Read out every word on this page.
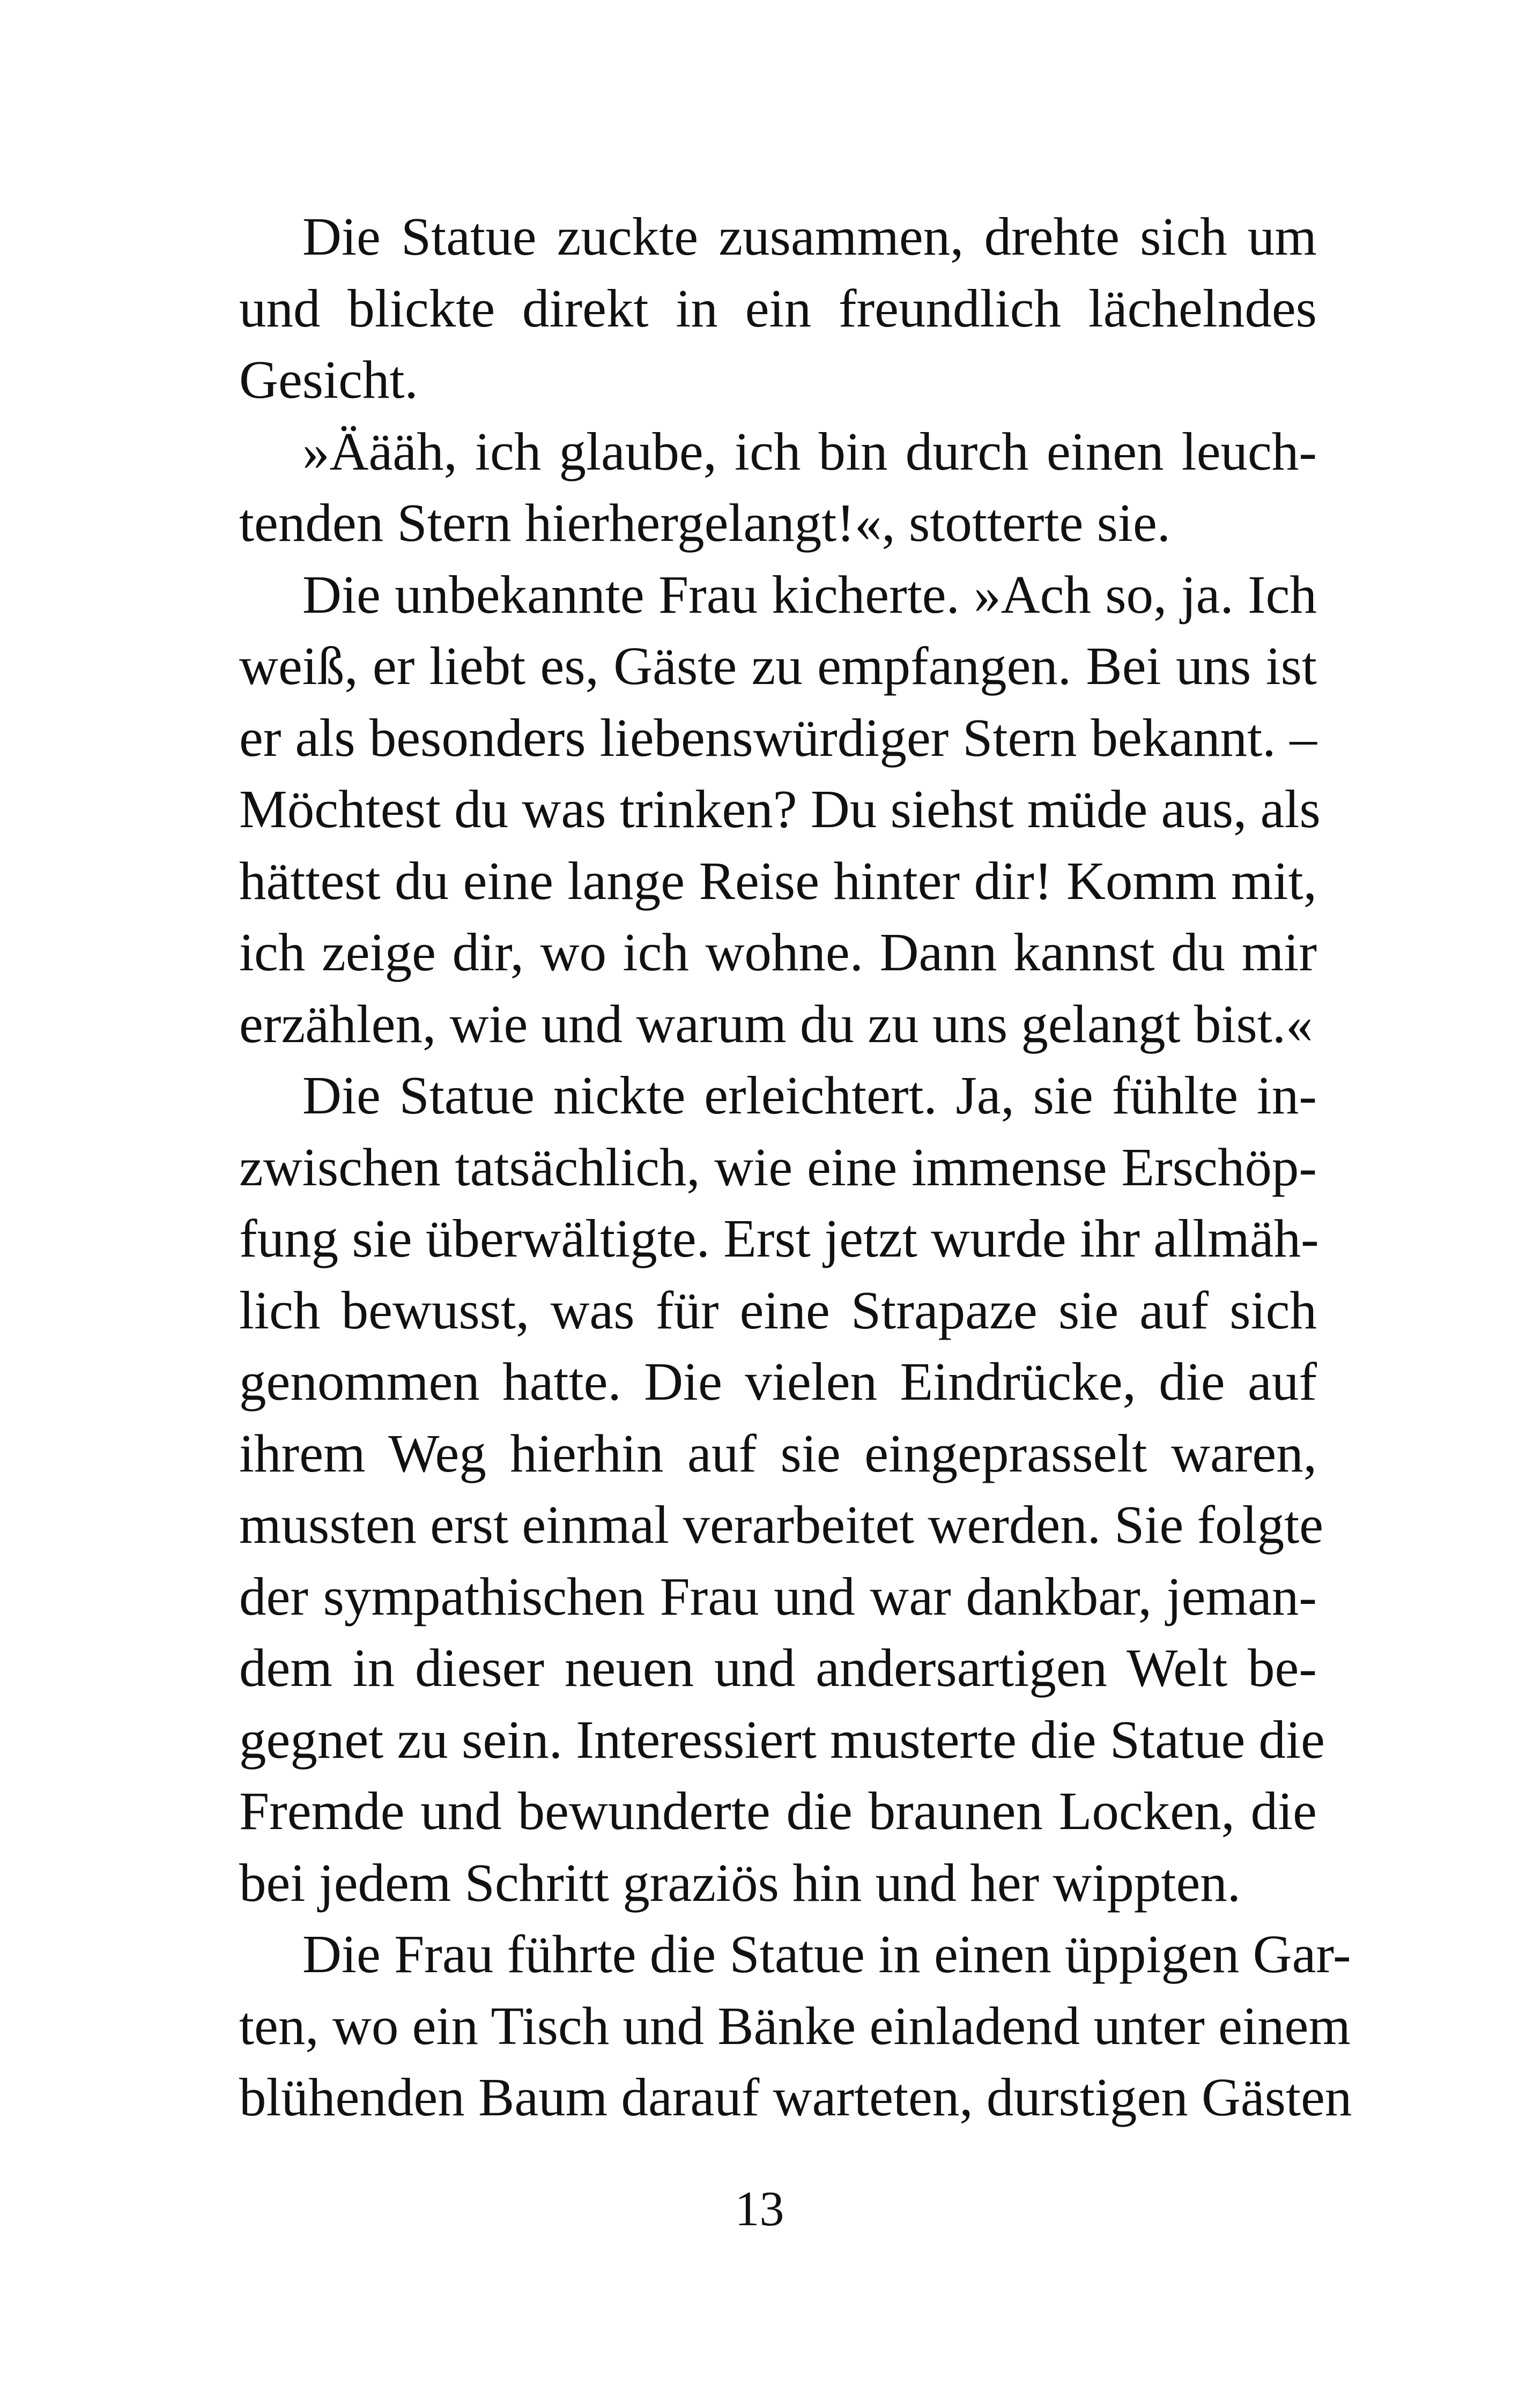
Die Statue zuckte zusammen, drehte sich um
und blickte direkt in ein freundlich lächelndes
Gesicht.
»Äääh, ich glaube, ich bin durch einen leuch-
tenden Stern hierhergelangt!«, stotterte sie.
Die unbekannte Frau kicherte. »Ach so, ja. Ich
weiß, er liebt es, Gäste zu empfangen. Bei uns ist
er als besonders liebenswürdiger Stern bekannt. –
Möchtest du was trinken? Du siehst müde aus, als
hättest du eine lange Reise hinter dir! Komm mit,
ich zeige dir, wo ich wohne. Dann kannst du mir
erzählen, wie und warum du zu uns gelangt bist.«
Die Statue nickte erleichtert. Ja, sie fühlte in-
zwischen tatsächlich, wie eine immense Erschöp-
fung sie überwältigte. Erst jetzt wurde ihr allmäh-
lich bewusst, was für eine Strapaze sie auf sich
genommen hatte. Die vielen Eindrücke, die auf
ihrem Weg hierhin auf sie eingeprasselt waren,
mussten erst einmal verarbeitet werden. Sie folgte
der sympathischen Frau und war dankbar, jeman-
dem in dieser neuen und andersartigen Welt be-
gegnet zu sein. Interessiert musterte die Statue die
Fremde und bewunderte die braunen Locken, die
bei jedem Schritt graziös hin und her wippten.
Die Frau führte die Statue in einen üppigen Gar-
ten, wo ein Tisch und Bänke einladend unter einem
blühenden Baum darauf warteten, durstigen Gästen
13
